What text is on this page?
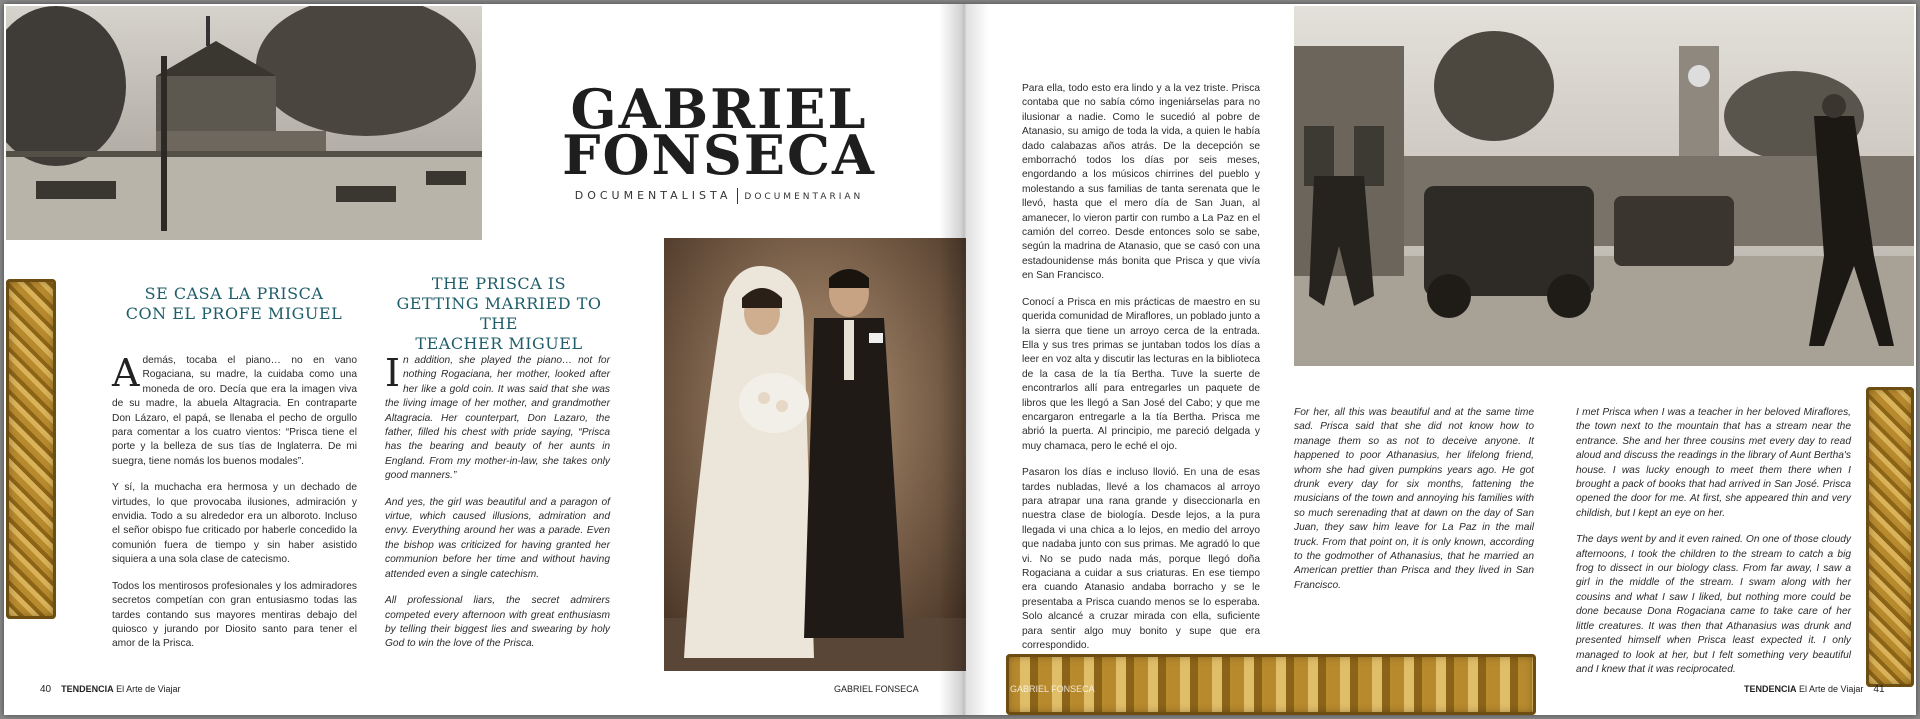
GABRIEL
FONSECA
DOCUMENTALISTA DOCUMENTARIAN
SE CASA LA PRISCA
CON EL PROFE MIGUEL
THE PRISCA IS
GETTING MARRIED TO THE
TEACHER MIGUEL

Además, tocaba el piano… no en vano Rogaciana, su madre, la cuidaba como una moneda de oro. Decía que era la imagen viva de su madre, la abuela Altagracia. En contraparte Don Lázaro, el papá, se llenaba el pecho de orgullo para comentar a los cuatro vientos: “Prisca tiene el porte y la belleza de sus tías de Inglaterra. De mi suegra, tiene nomás los buenos modales”.

Y sí, la muchacha era hermosa y un dechado de virtudes, lo que provocaba ilusiones, admiración y envidia. Todo a su alrededor era un alboroto. Incluso el señor obispo fue criticado por haberle concedido la comunión fuera de tiempo y sin haber asistido siquiera a una sola clase de catecismo.

Todos los mentirosos profesionales y los admiradores secretos competían con gran entusiasmo todas las tardes contando sus mayores mentiras debajo del quiosco y jurando por Diosito santo para tener el amor de la Prisca.

In addition, she played the piano… not for nothing Rogaciana, her mother, looked after her like a gold coin. It was said that she was the living image of her mother, and grandmother Altagracia. Her counterpart, Don Lazaro, the father, filled his chest with pride saying, “Prisca has the bearing and beauty of her aunts in England. From my mother-in-law, she takes only good manners.”

And yes, the girl was beautiful and a paragon of virtue, which caused illusions, admiration and envy. Everything around her was a parade. Even the bishop was criticized for having granted her communion before her time and without having attended even a single catechism.

All professional liars, the secret admirers competed every afternoon with great enthusiasm by telling their biggest lies and swearing by holy God to win the love of the Prisca.

40 TENDENCIA El Arte de Viajar	GABRIEL FONSECA

Para ella, todo esto era lindo y a la vez triste. Prisca contaba que no sabía cómo ingeniárselas para no ilusionar a nadie. Como le sucedió al pobre de Atanasio, su amigo de toda la vida, a quien le había dado calabazas años atrás. De la decepción se emborrachó todos los días por seis meses, engordando a los músicos chirrines del pueblo y molestando a sus familias de tanta serenata que le llevó, hasta que el mero día de San Juan, al amanecer, lo vieron partir con rumbo a La Paz en el camión del correo. Desde entonces solo se sabe, según la madrina de Atanasio, que se casó con una estadounidense más bonita que Prisca y que vivía en San Francisco.

Conocí a Prisca en mis prácticas de maestro en su querida comunidad de Miraflores, un poblado junto a la sierra que tiene un arroyo cerca de la entrada. Ella y sus tres primas se juntaban todos los días a leer en voz alta y discutir las lecturas en la biblioteca de la casa de la tía Bertha. Tuve la suerte de encontrarlos allí para entregarles un paquete de libros que les llegó a San José del Cabo; y que me encargaron entregarle a la tía Bertha. Prisca me abrió la puerta. Al principio, me pareció delgada y muy chamaca, pero le eché el ojo.

Pasaron los días e incluso llovió. En una de esas tardes nubladas, llevé a los chamacos al arroyo para atrapar una rana grande y diseccionarla en nuestra clase de biología. Desde lejos, a la pura llegada vi una chica a lo lejos, en medio del arroyo que nadaba junto con sus primas. Me agradó lo que vi. No se pudo nada más, porque llegó doña Rogaciana a cuidar a sus criaturas. En ese tiempo era cuando Atanasio andaba borracho y se le presentaba a Prisca cuando menos se lo esperaba. Solo alcancé a cruzar mirada con ella, suficiente para sentir algo muy bonito y supe que era correspondido.

For her, all this was beautiful and at the same time sad. Prisca said that she did not know how to manage them so as not to deceive anyone. It happened to poor Athanasius, her lifelong friend, whom she had given pumpkins years ago. He got drunk every day for six months, fattening the musicians of the town and annoying his families with so much serenading that at dawn on the day of San Juan, they saw him leave for La Paz in the mail truck. From that point on, it is only known, according to the godmother of Athanasius, that he married an American prettier than Prisca and they lived in San Francisco.

I met Prisca when I was a teacher in her beloved Miraflores, the town next to the mountain that has a stream near the entrance. She and her three cousins met every day to read aloud and discuss the readings in the library of Aunt Bertha's house. I was lucky enough to meet them there when I brought a pack of books that had arrived in San José. Prisca opened the door for me. At first, she appeared thin and very childish, but I kept an eye on her.

The days went by and it even rained. On one of those cloudy afternoons, I took the children to the stream to catch a big frog to dissect in our biology class. From far away, I saw a girl in the middle of the stream. I swam along with her cousins and what I saw I liked, but nothing more could be done because Dona Rogaciana came to take care of her little creatures. It was then that Athanasius was drunk and presented himself when Prisca least expected it. I only managed to look at her, but I felt something very beautiful and I knew that it was reciprocated.

GABRIEL FONSECA	TENDENCIA El Arte de Viajar 41
